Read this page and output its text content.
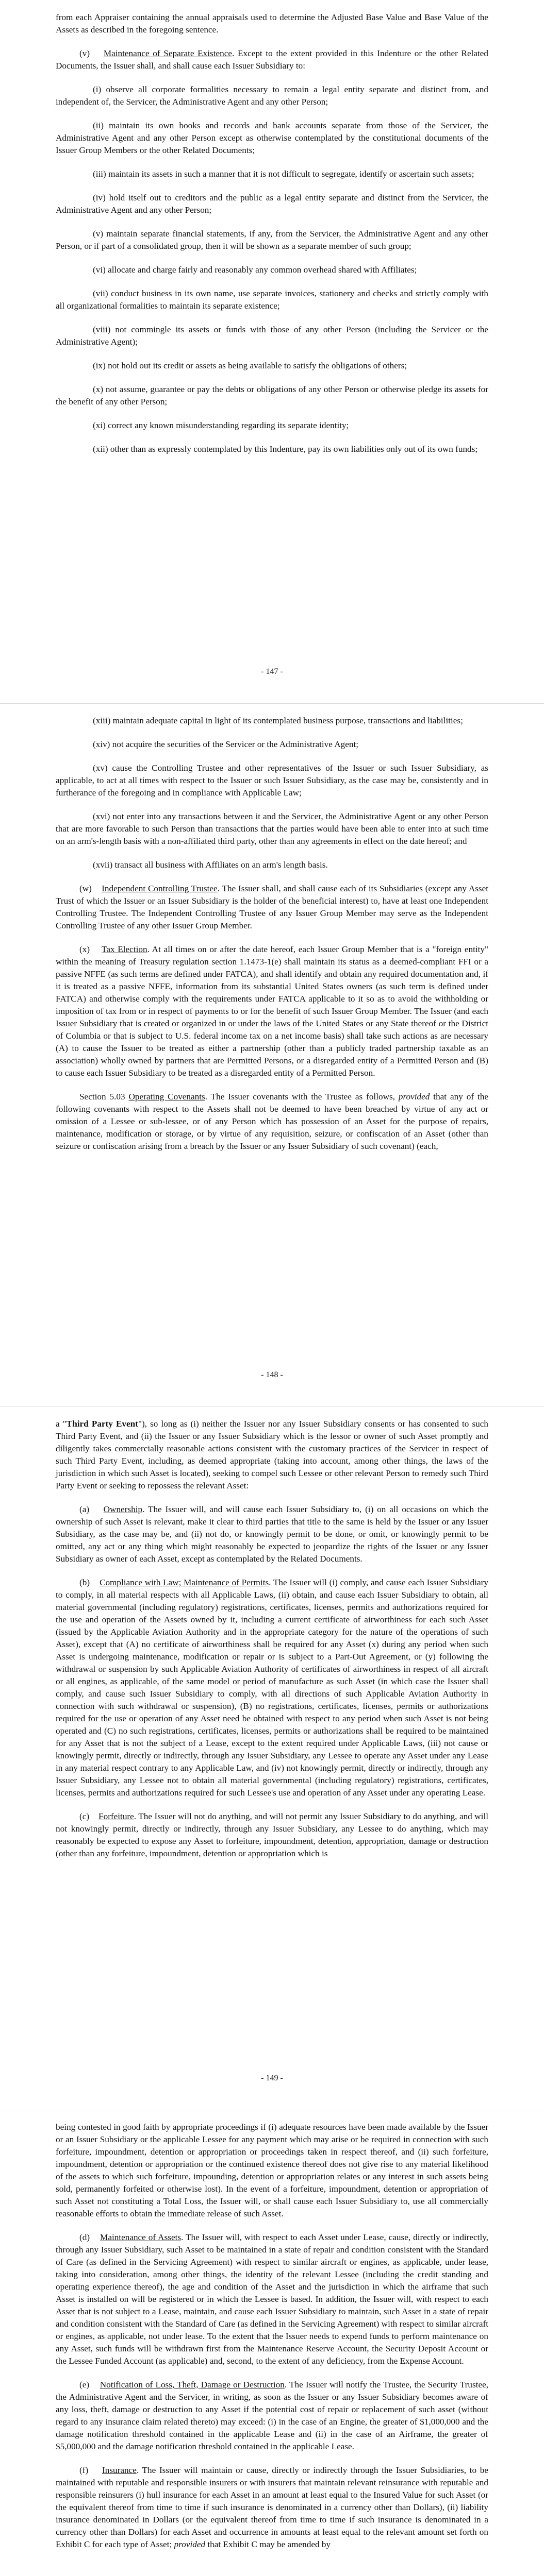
from each Appraiser containing the annual appraisals used to determine the Adjusted Base Value and Base Value of the Assets as described in the foregoing sentence.

(v) Maintenance of Separate Existence. Except to the extent provided in this Indenture or the other Related Documents, the Issuer shall, and shall cause each Issuer Subsidiary to:

(i) observe all corporate formalities necessary to remain a legal entity separate and distinct from, and independent of, the Servicer, the Administrative Agent and any other Person;

(ii) maintain its own books and records and bank accounts separate from those of the Servicer, the Administrative Agent and any other Person except as otherwise contemplated by the constitutional documents of the Issuer Group Members or the other Related Documents;

(iii) maintain its assets in such a manner that it is not difficult to segregate, identify or ascertain such assets;

(iv) hold itself out to creditors and the public as a legal entity separate and distinct from the Servicer, the Administrative Agent and any other Person;

(v) maintain separate financial statements, if any, from the Servicer, the Administrative Agent and any other Person, or if part of a consolidated group, then it will be shown as a separate member of such group;

(vi) allocate and charge fairly and reasonably any common overhead shared with Affiliates;

(vii) conduct business in its own name, use separate invoices, stationery and checks and strictly comply with all organizational formalities to maintain its separate existence;

(viii) not commingle its assets or funds with those of any other Person (including the Servicer or the Administrative Agent);

(ix) not hold out its credit or assets as being available to satisfy the obligations of others;

(x) not assume, guarantee or pay the debts or obligations of any other Person or otherwise pledge its assets for the benefit of any other Person;

(xi) correct any known misunderstanding regarding its separate identity;

(xii) other than as expressly contemplated by this Indenture, pay its own liabilities only out of its own funds;

- 147 -

(xiii) maintain adequate capital in light of its contemplated business purpose, transactions and liabilities;

(xiv) not acquire the securities of the Servicer or the Administrative Agent;

(xv) cause the Controlling Trustee and other representatives of the Issuer or such Issuer Subsidiary, as applicable, to act at all times with respect to the Issuer or such Issuer Subsidiary, as the case may be, consistently and in furtherance of the foregoing and in compliance with Applicable Law;

(xvi) not enter into any transactions between it and the Servicer, the Administrative Agent or any other Person that are more favorable to such Person than transactions that the parties would have been able to enter into at such time on an arm's-length basis with a non-affiliated third party, other than any agreements in effect on the date hereof; and

(xvii) transact all business with Affiliates on an arm's length basis.

(w) Independent Controlling Trustee. The Issuer shall, and shall cause each of its Subsidiaries (except any Asset Trust of which the Issuer or an Issuer Subsidiary is the holder of the beneficial interest) to, have at least one Independent Controlling Trustee. The Independent Controlling Trustee of any Issuer Group Member may serve as the Independent Controlling Trustee of any other Issuer Group Member.

(x) Tax Election. At all times on or after the date hereof, each Issuer Group Member that is a "foreign entity" within the meaning of Treasury regulation section 1.1473-1(e) shall maintain its status as a deemed-compliant FFI or a passive NFFE (as such terms are defined under FATCA), and shall identify and obtain any required documentation and, if it is treated as a passive NFFE, information from its substantial United States owners (as such term is defined under FATCA) and otherwise comply with the requirements under FATCA applicable to it so as to avoid the withholding or imposition of tax from or in respect of payments to or for the benefit of such Issuer Group Member. The Issuer (and each Issuer Subsidiary that is created or organized in or under the laws of the United States or any State thereof or the District of Columbia or that is subject to U.S. federal income tax on a net income basis) shall take such actions as are necessary (A) to cause the Issuer to be treated as either a partnership (other than a publicly traded partnership taxable as an association) wholly owned by partners that are Permitted Persons, or a disregarded entity of a Permitted Person and (B) to cause each Issuer Subsidiary to be treated as a disregarded entity of a Permitted Person.

Section 5.03 Operating Covenants. The Issuer covenants with the Trustee as follows, provided that any of the following covenants with respect to the Assets shall not be deemed to have been breached by virtue of any act or omission of a Lessee or sub-lessee, or of any Person which has possession of an Asset for the purpose of repairs, maintenance, modification or storage, or by virtue of any requisition, seizure, or confiscation of an Asset (other than seizure or confiscation arising from a breach by the Issuer or any Issuer Subsidiary of such covenant) (each,

- 148 -

a "Third Party Event"), so long as (i) neither the Issuer nor any Issuer Subsidiary consents or has consented to such Third Party Event, and (ii) the Issuer or any Issuer Subsidiary which is the lessor or owner of such Asset promptly and diligently takes commercially reasonable actions consistent with the customary practices of the Servicer in respect of such Third Party Event, including, as deemed appropriate (taking into account, among other things, the laws of the jurisdiction in which such Asset is located), seeking to compel such Lessee or other relevant Person to remedy such Third Party Event or seeking to repossess the relevant Asset:

(a) Ownership. The Issuer will, and will cause each Issuer Subsidiary to, (i) on all occasions on which the ownership of such Asset is relevant, make it clear to third parties that title to the same is held by the Issuer or any Issuer Subsidiary, as the case may be, and (ii) not do, or knowingly permit to be done, or omit, or knowingly permit to be omitted, any act or any thing which might reasonably be expected to jeopardize the rights of the Issuer or any Issuer Subsidiary as owner of each Asset, except as contemplated by the Related Documents.

(b) Compliance with Law; Maintenance of Permits. The Issuer will (i) comply, and cause each Issuer Subsidiary to comply, in all material respects with all Applicable Laws, (ii) obtain, and cause each Issuer Subsidiary to obtain, all material governmental (including regulatory) registrations, certificates, licenses, permits and authorizations required for the use and operation of the Assets owned by it, including a current certificate of airworthiness for each such Asset (issued by the Applicable Aviation Authority and in the appropriate category for the nature of the operations of such Asset), except that (A) no certificate of airworthiness shall be required for any Asset (x) during any period when such Asset is undergoing maintenance, modification or repair or is subject to a Part-Out Agreement, or (y) following the withdrawal or suspension by such Applicable Aviation Authority of certificates of airworthiness in respect of all aircraft or all engines, as applicable, of the same model or period of manufacture as such Asset (in which case the Issuer shall comply, and cause such Issuer Subsidiary to comply, with all directions of such Applicable Aviation Authority in connection with such withdrawal or suspension), (B) no registrations, certificates, licenses, permits or authorizations required for the use or operation of any Asset need be obtained with respect to any period when such Asset is not being operated and (C) no such registrations, certificates, licenses, permits or authorizations shall be required to be maintained for any Asset that is not the subject of a Lease, except to the extent required under Applicable Laws, (iii) not cause or knowingly permit, directly or indirectly, through any Issuer Subsidiary, any Lessee to operate any Asset under any Lease in any material respect contrary to any Applicable Law, and (iv) not knowingly permit, directly or indirectly, through any Issuer Subsidiary, any Lessee not to obtain all material governmental (including regulatory) registrations, certificates, licenses, permits and authorizations required for such Lessee's use and operation of any Asset under any operating Lease.

(c) Forfeiture. The Issuer will not do anything, and will not permit any Issuer Subsidiary to do anything, and will not knowingly permit, directly or indirectly, through any Issuer Subsidiary, any Lessee to do anything, which may reasonably be expected to expose any Asset to forfeiture, impoundment, detention, appropriation, damage or destruction (other than any forfeiture, impoundment, detention or appropriation which is

- 149 -

being contested in good faith by appropriate proceedings if (i) adequate resources have been made available by the Issuer or an Issuer Subsidiary or the applicable Lessee for any payment which may arise or be required in connection with such forfeiture, impoundment, detention or appropriation or proceedings taken in respect thereof, and (ii) such forfeiture, impoundment, detention or appropriation or the continued existence thereof does not give rise to any material likelihood of the assets to which such forfeiture, impounding, detention or appropriation relates or any interest in such assets being sold, permanently forfeited or otherwise lost). In the event of a forfeiture, impoundment, detention or appropriation of such Asset not constituting a Total Loss, the Issuer will, or shall cause each Issuer Subsidiary to, use all commercially reasonable efforts to obtain the immediate release of such Asset.

(d) Maintenance of Assets. The Issuer will, with respect to each Asset under Lease, cause, directly or indirectly, through any Issuer Subsidiary, such Asset to be maintained in a state of repair and condition consistent with the Standard of Care (as defined in the Servicing Agreement) with respect to similar aircraft or engines, as applicable, under lease, taking into consideration, among other things, the identity of the relevant Lessee (including the credit standing and operating experience thereof), the age and condition of the Asset and the jurisdiction in which the airframe that such Asset is installed on will be registered or in which the Lessee is based. In addition, the Issuer will, with respect to each Asset that is not subject to a Lease, maintain, and cause each Issuer Subsidiary to maintain, such Asset in a state of repair and condition consistent with the Standard of Care (as defined in the Servicing Agreement) with respect to similar aircraft or engines, as applicable, not under lease. To the extent that the Issuer needs to expend funds to perform maintenance on any Asset, such funds will be withdrawn first from the Maintenance Reserve Account, the Security Deposit Account or the Lessee Funded Account (as applicable) and, second, to the extent of any deficiency, from the Expense Account.

(e) Notification of Loss, Theft, Damage or Destruction. The Issuer will notify the Trustee, the Security Trustee, the Administrative Agent and the Servicer, in writing, as soon as the Issuer or any Issuer Subsidiary becomes aware of any loss, theft, damage or destruction to any Asset if the potential cost of repair or replacement of such asset (without regard to any insurance claim related thereto) may exceed: (i) in the case of an Engine, the greater of $1,000,000 and the damage notification threshold contained in the applicable Lease and (ii) in the case of an Airframe, the greater of $5,000,000 and the damage notification threshold contained in the applicable Lease.

(f) Insurance. The Issuer will maintain or cause, directly or indirectly through the Issuer Subsidiaries, to be maintained with reputable and responsible insurers or with insurers that maintain relevant reinsurance with reputable and responsible reinsurers (i) hull insurance for each Asset in an amount at least equal to the Insured Value for such Asset (or the equivalent thereof from time to time if such insurance is denominated in a currency other than Dollars), (ii) liability insurance denominated in Dollars (or the equivalent thereof from time to time if such insurance is denominated in a currency other than Dollars) for each Asset and occurrence in amounts at least equal to the relevant amount set forth on Exhibit C for each type of Asset; provided that Exhibit C may be amended by
